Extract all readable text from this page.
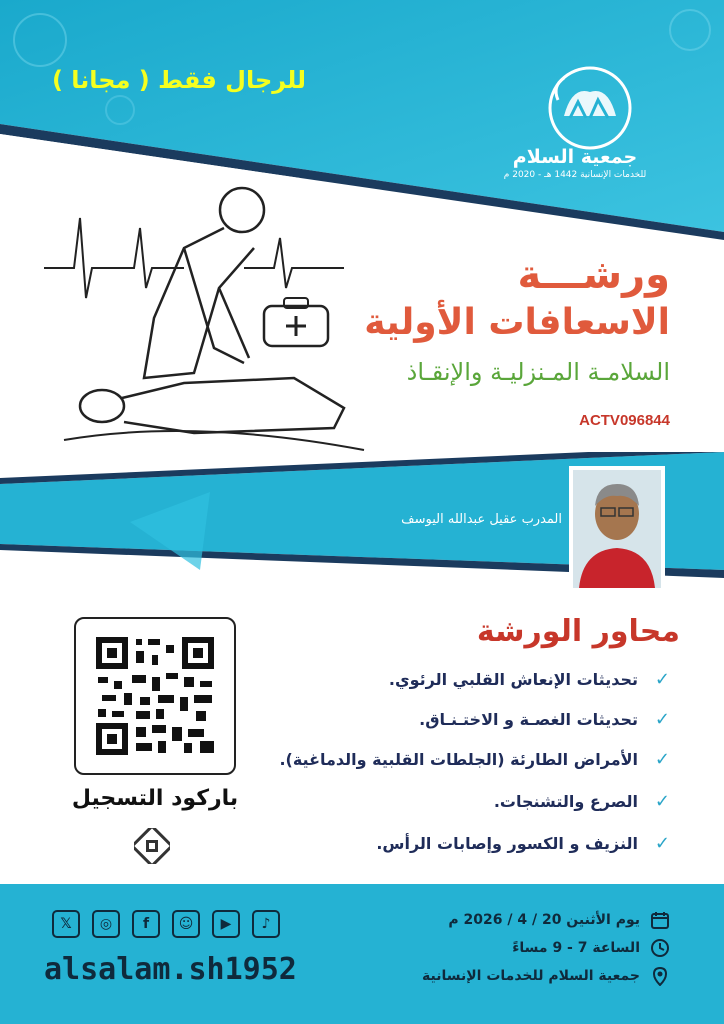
للرجال فقط ( مجانا )
جمعية السلام
للخدمات الإنسانية 1442 هـ - 2020 م
ورشـــة
الاسعافات الأولية
السلامـة المـنزليـة والإنقـاذ
ACTV096844
المدرب عقيل عبدالله اليوسف
محاور الورشة
✓
تحديثات الإنعاش القلبي الرئوي.
✓
تحديثات الغصـة و الاختـنـاق.
✓
الأمراض الطارئة (الجلطات القلبية والدماغية).
✓
الصرع والتشنجات.
✓
النزيف و الكسور وإصابات الرأس.
باركود التسجيل
𝕏	◎	f	☺	▶	♪
alsalam.sh1952
يوم الأثنين 20 / 4 / 2026 م
الساعة 7 - 9 مساءً
جمعية السلام للخدمات الإنسانية
